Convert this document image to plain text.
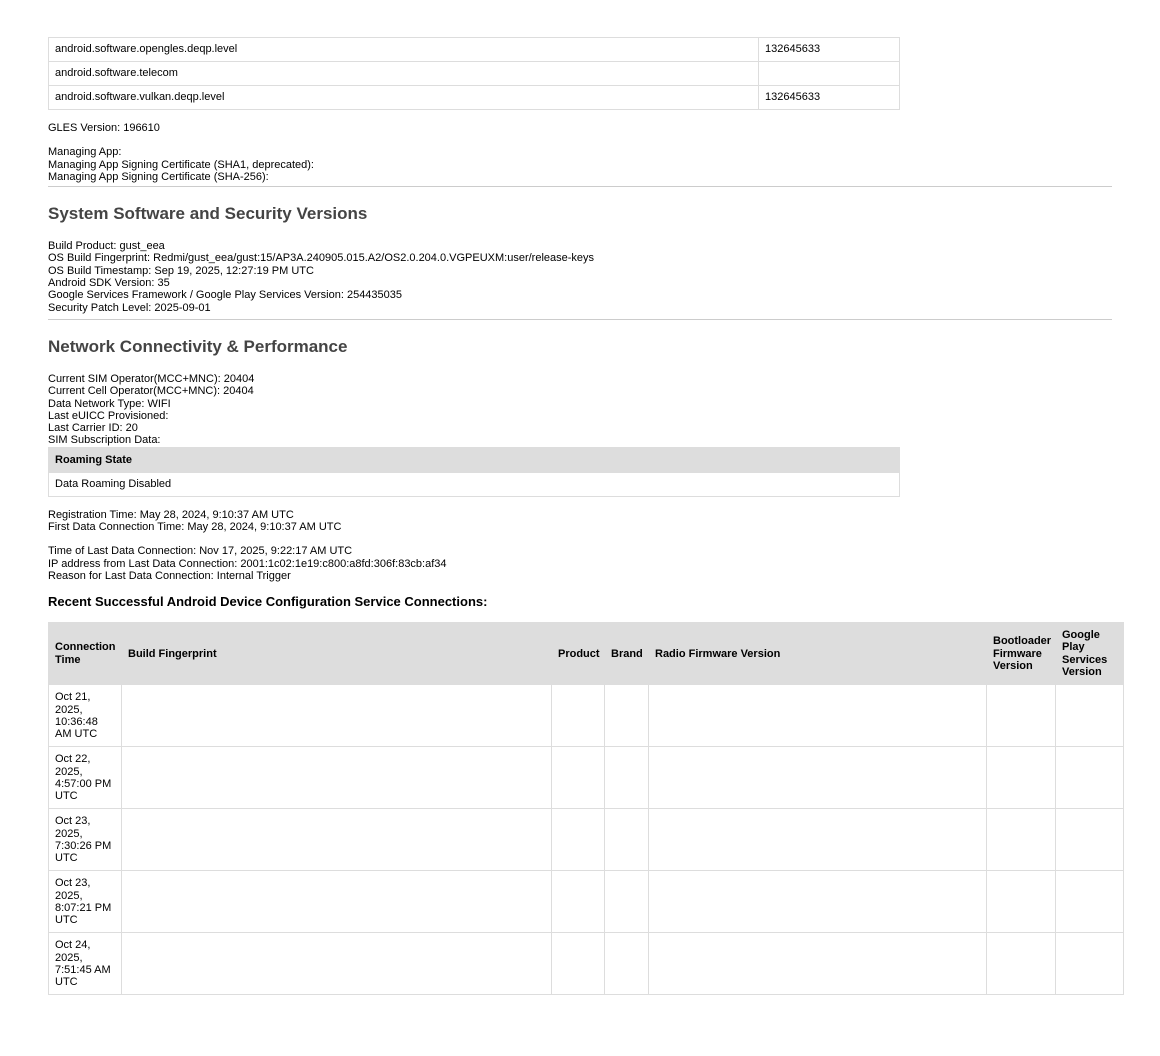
android.software.opengles.deqp.level	132645633
android.software.telecom	
android.software.vulkan.deqp.level	132645633
GLES Version: 196610
Managing App:
Managing App Signing Certificate (SHA1, deprecated):
Managing App Signing Certificate (SHA-256):
System Software and Security Versions
Build Product: gust_eea
OS Build Fingerprint: Redmi/gust_eea/gust:15/AP3A.240905.015.A2/OS2.0.204.0.VGPEUXM:user/release-keys
OS Build Timestamp: Sep 19, 2025, 12:27:19 PM UTC
Android SDK Version: 35
Google Services Framework / Google Play Services Version: 254435035
Security Patch Level: 2025-09-01
Network Connectivity & Performance
Current SIM Operator(MCC+MNC): 20404
Current Cell Operator(MCC+MNC): 20404
Data Network Type: WIFI
Last eUICC Provisioned:
Last Carrier ID: 20
SIM Subscription Data:
Roaming State
Data Roaming Disabled
Registration Time: May 28, 2024, 9:10:37 AM UTC
First Data Connection Time: May 28, 2024, 9:10:37 AM UTC
Time of Last Data Connection: Nov 17, 2025, 9:22:17 AM UTC
IP address from Last Data Connection: 2001:1c02:1e19:c800:a8fd:306f:83cb:af34
Reason for Last Data Connection: Internal Trigger
Recent Successful Android Device Configuration Service Connections:
Connection Time	Build Fingerprint	Product	Brand	Radio Firmware Version	Bootloader Firmware Version	Google Play Services Version
Oct 21, 2025, 10:36:48 AM UTC						
Oct 22, 2025, 4:57:00 PM UTC						
Oct 23, 2025, 7:30:26 PM UTC						
Oct 23, 2025, 8:07:21 PM UTC						
Oct 24, 2025, 7:51:45 AM UTC						
